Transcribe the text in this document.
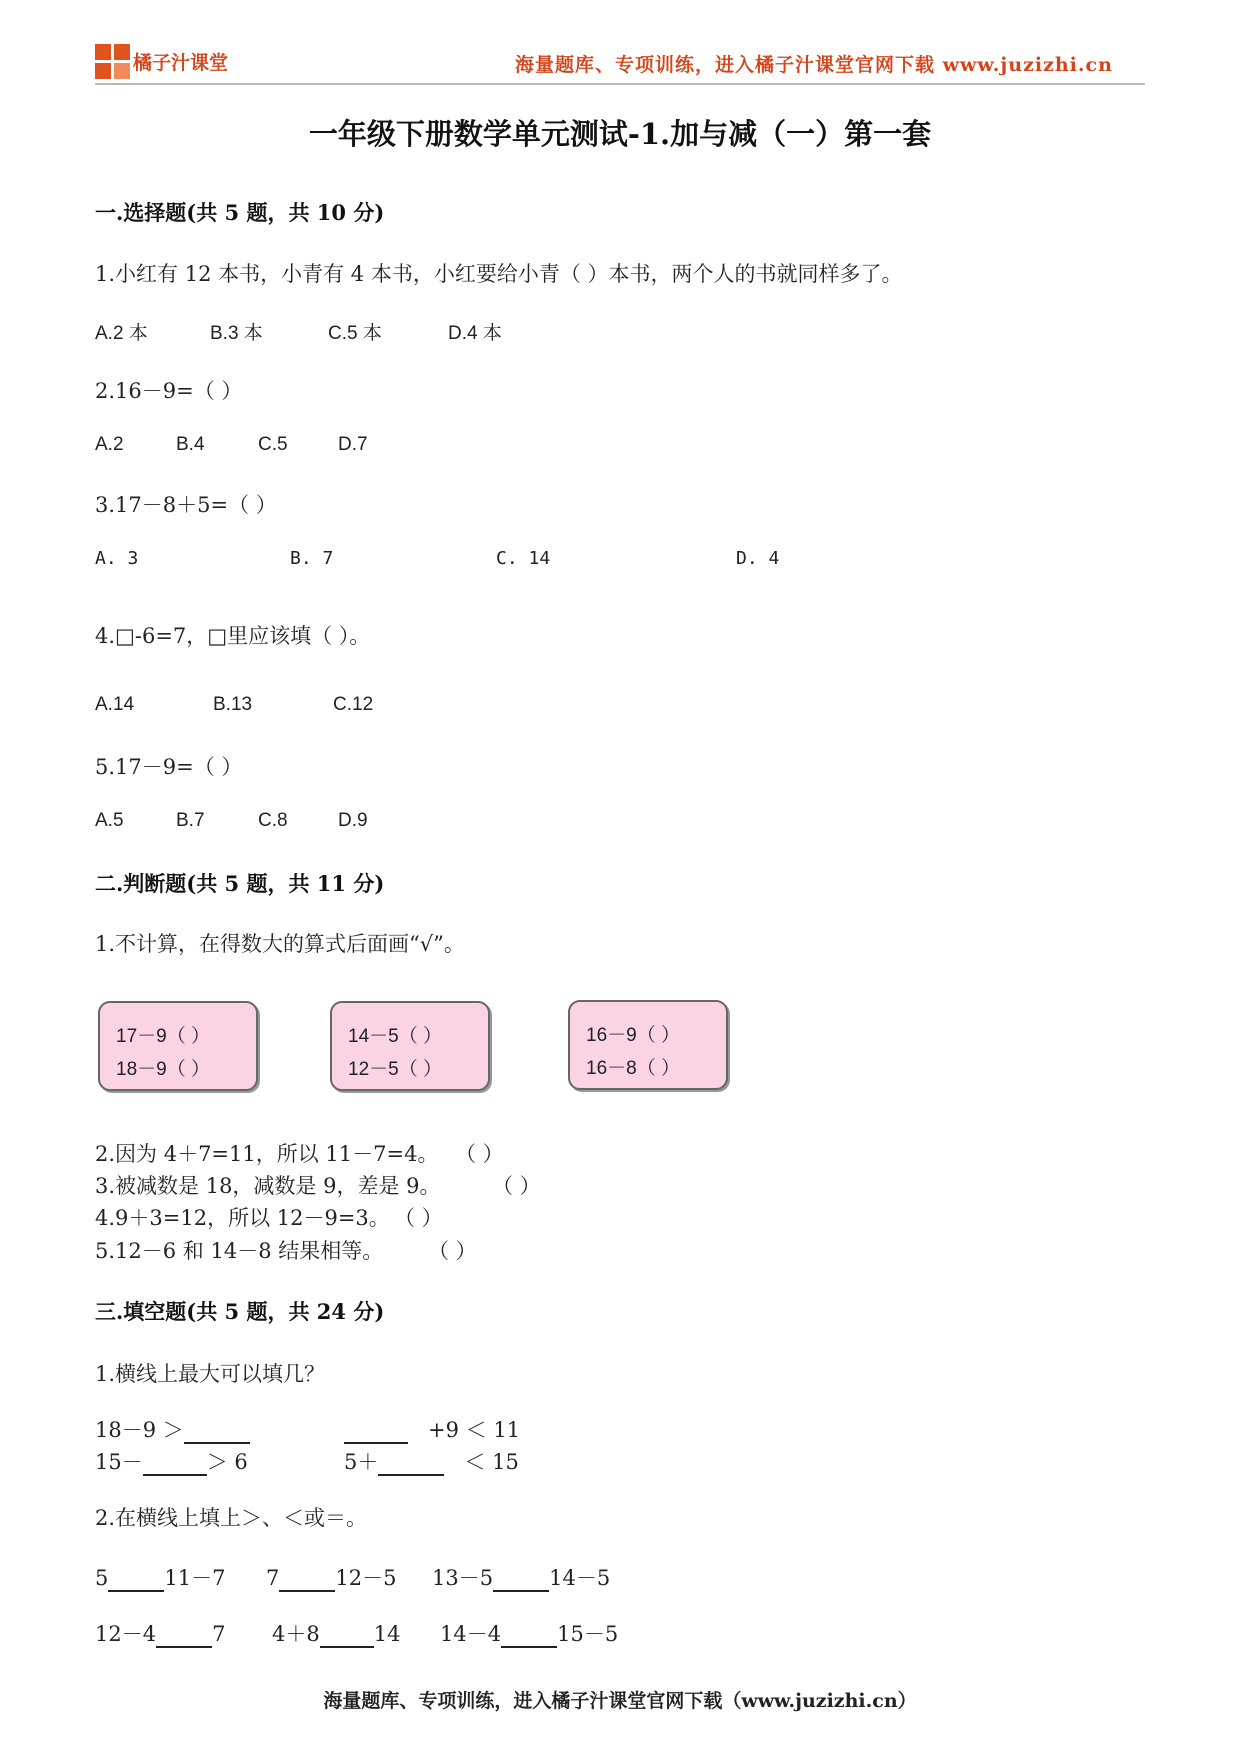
橘子汁课堂	海量题库、专项训练，进入橘子汁课堂官网下载 www.juzizhi.cn
一年级下册数学单元测试-1.加与减（一）第一套
一.选择题(共 5 题，共 10 分)
1.小红有 12 本书，小青有 4 本书，小红要给小青（ ）本书，两个人的书就同样多了。
A.2 本	B.3 本	C.5 本	D.4 本
2.16－9=（ ）
A.2	B.4	C.5	D.7
3.17－8＋5=（ ）
A. 3	B. 7	C. 14	D. 4
4.□-6=7，□里应该填（ ）。
A.14	B.13	C.12
5.17－9=（ ）
A.5	B.7	C.8	D.9
二.判断题(共 5 题，共 11 分)
1.不计算，在得数大的算式后面画“√”。
17－9（ ）
18－9（ ）
14－5（ ）
12－5（ ）
16－9（ ）
16－8（ ）
2.因为 4＋7=11，所以 11－7=4。 （ ）
3.被减数是 18，减数是 9，差是 9。 （ ）
4.9＋3=12，所以 12－9=3。 （ ）
5.12－6 和 14－8 结果相等。 （ ）
三.填空题(共 5 题，共 24 分)
1.横线上最大可以填几？
18－9 ＞	+9 ＜ 11
15－	＞ 6	5＋	＜ 15
2.在横线上填上＞、＜或＝。
5	11－7 7	12－5 13－5	14－5
12－4	7 4＋8	14 14－4	15－5
海量题库、专项训练，进入橘子汁课堂官网下载（www.juzizhi.cn）
